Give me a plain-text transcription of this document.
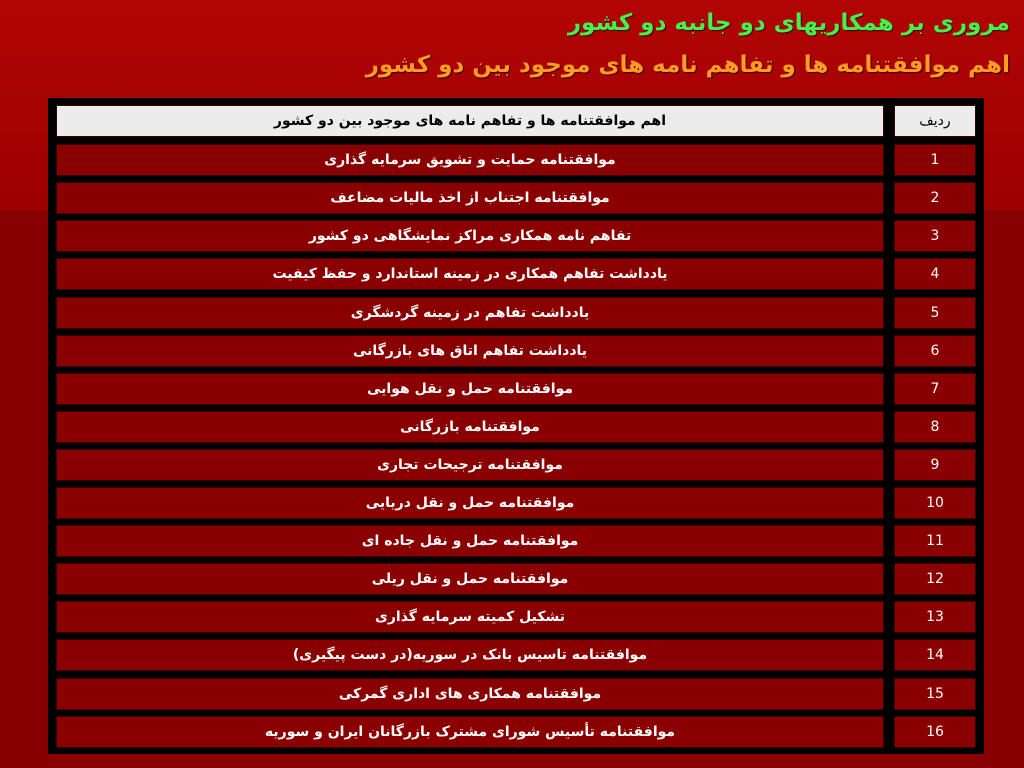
مروری بر همکاریهای دو جانبه دو کشور
اهم موافقتنامه ها و تفاهم نامه های موجود بین دو کشور
اهم موافقتنامه ها و تفاهم نامه های موجود بین دو کشور	ردیف
موافقتنامه حمایت و تشویق سرمایه گذاری	1
موافقتنامه اجتناب از اخذ مالیات مضاعف	2
تفاهم نامه همکاری مراکز نمایشگاهی دو کشور	3
یادداشت تفاهم همکاری در زمینه استاندارد و حفظ کیفیت	4
یادداشت تفاهم در زمینه گردشگری	5
یادداشت تفاهم اتاق های بازرگانی	6
موافقتنامه حمل و نقل هوایی	7
موافقتنامه بازرگانی	8
موافقتنامه ترجیحات تجاری	9
موافقتنامه حمل و نقل دریایی	10
موافقتنامه حمل و نقل جاده ای	11
موافقتنامه حمل و نقل ریلی	12
تشکیل کمیته سرمایه گذاری	13
موافقتنامه تاسیس بانک در سوریه(در دست پیگیری)	14
موافقتنامه همکاری های اداری گمرکی	15
موافقتنامه تأسیس شورای مشترک بازرگانان ایران و سوریه	16
